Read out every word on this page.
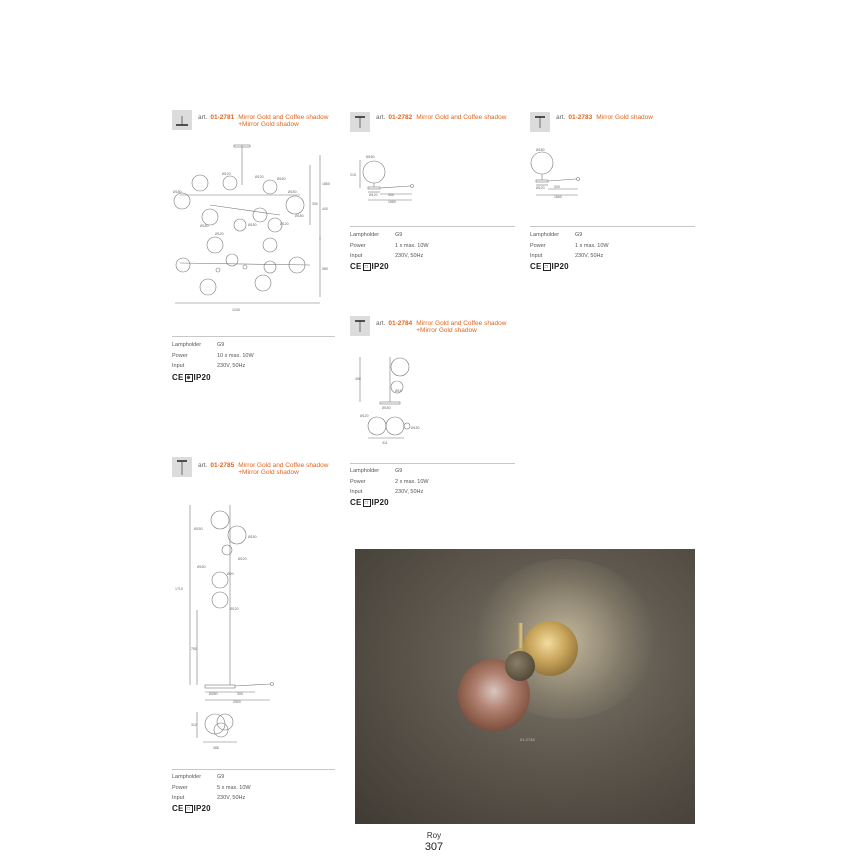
art. 01-2781 Mirror Gold and Coffee shadow
+Mirror Gold shadow
Ø180
Ø120
Ø120	Ø150
Ø150
Ø180
Ø180	Ø150	Ø120
Ø120
1860
300
400
980
1240
Lampholder	G9
Power	10 x max. 10W
Input	230V, 50Hz
CE ⊕ IP20
art. 01-2782 Mirror Gold and Coffee shadow
Ø180
215
Ø120	300
1660
Lampholder	G9
Power	1 x max. 10W
Input	230V, 50Hz
CE □ IP20
art. 01-2783 Mirror Gold shadow
Ø180
Ø120	300
1660
Lampholder	G9
Power	1 x max. 10W
Input	230V, 50Hz
CE □ IP20
art. 01-2784 Mirror Gold and Coffee shadow
+Mirror Gold shadow
450
Ø15
Ø150
Ø120
Ø150
311
Lampholder	G9
Power	2 x max. 10W
Input	230V, 50Hz
CE □ IP20
art. 01-2785 Mirror Gold and Coffee shadow
+Mirror Gold shadow
Ø150
Ø150
Ø120
Ø150
Ø20
Ø120
1710
780
Ø280	300
2500
312
368
Lampholder	G9
Power	5 x max. 10W
Input	230V, 50Hz
CE □ IP20
01-2745
Roy
307
